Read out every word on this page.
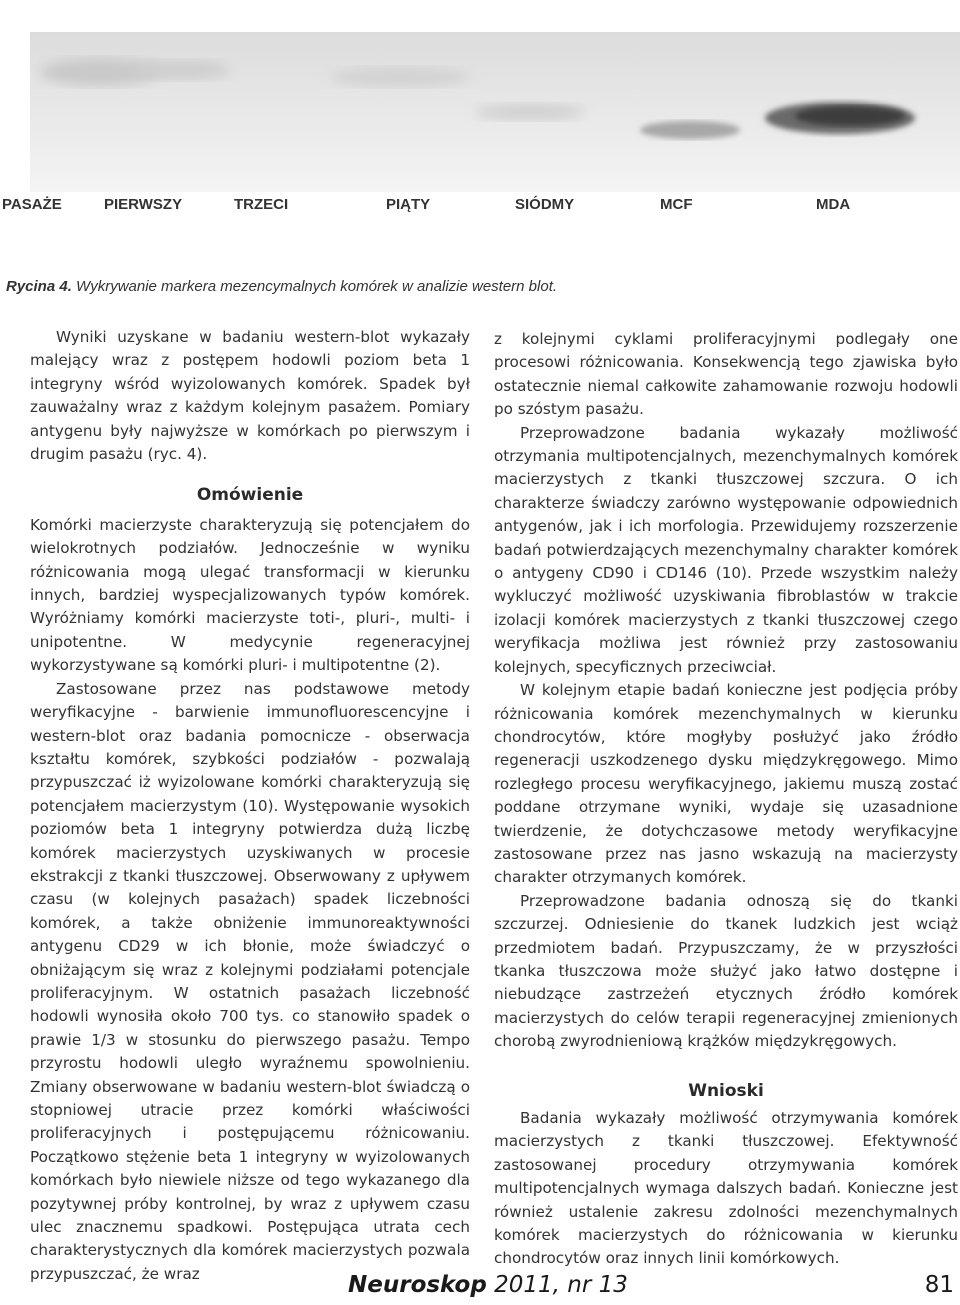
PASAŻE	PIERWSZY	TRZECI	PIĄTY	SIÓDMY	MCF	MDA
Rycina 4. Wykrywanie markera mezencymalnych komórek w analizie western blot.

Wyniki uzyskane w badaniu western-blot wykazały malejący wraz z postępem hodowli poziom beta 1 integryny wśród wyizolowanych komórek. Spadek był zauważalny wraz z każdym kolejnym pasażem. Pomiary antygenu były najwyższe w komórkach po pierwszym i drugim pasażu (ryc. 4).

Omówienie

Komórki macierzyste charakteryzują się potencjałem do wielokrotnych podziałów. Jednocześnie w wyniku różnicowania mogą ulegać transformacji w kierunku innych, bardziej wyspecjalizowanych typów komórek. Wyróżniamy komórki macierzyste toti-, pluri-, multi- i unipotentne. W medycynie regeneracyjnej wykorzystywane są komórki pluri- i multipotentne (2).

Zastosowane przez nas podstawowe metody weryfikacyjne - barwienie immunofluorescencyjne i western-blot oraz badania pomocnicze - obserwacja kształtu komórek, szybkości podziałów - pozwalają przypuszczać iż wyizolowane komórki charakteryzują się potencjałem macierzystym (10). Występowanie wysokich poziomów beta 1 integryny potwierdza dużą liczbę komórek macierzystych uzyskiwanych w procesie ekstrakcji z tkanki tłuszczowej. Obserwowany z upływem czasu (w kolejnych pasażach) spadek liczebności komórek, a także obniżenie immunoreaktywności antygenu CD29 w ich błonie, może świadczyć o obniżającym się wraz z kolejnymi podziałami potencjale proliferacyjnym. W ostatnich pasażach liczebność hodowli wynosiła około 700 tys. co stanowiło spadek o prawie 1/3 w stosunku do pierwszego pasażu. Tempo przyrostu hodowli uległo wyraźnemu spowolnieniu. Zmiany obserwowane w badaniu western-blot świadczą o stopniowej utracie przez komórki właściwości proliferacyjnych i postępującemu różnicowaniu. Początkowo stężenie beta 1 integryny w wyizolowanych komórkach było niewiele niższe od tego wykazanego dla pozytywnej próby kontrolnej, by wraz z upływem czasu ulec znacznemu spadkowi. Postępująca utrata cech charakterystycznych dla komórek macierzystych pozwala przypuszczać, że wraz

z kolejnymi cyklami proliferacyjnymi podlegały one procesowi różnicowania. Konsekwencją tego zjawiska było ostatecznie niemal całkowite zahamowanie rozwoju hodowli po szóstym pasażu.

Przeprowadzone badania wykazały możliwość otrzymania multipotencjalnych, mezenchymalnych komórek macierzystych z tkanki tłuszczowej szczura. O ich charakterze świadczy zarówno występowanie odpowiednich antygenów, jak i ich morfologia. Przewidujemy rozszerzenie badań potwierdzających mezenchymalny charakter komórek o antygeny CD90 i CD146 (10). Przede wszystkim należy wykluczyć możliwość uzyskiwania fibroblastów w trakcie izolacji komórek macierzystych z tkanki tłuszczowej czego weryfikacja możliwa jest również przy zastosowaniu kolejnych, specyficznych przeciwciał.

W kolejnym etapie badań konieczne jest podjęcia próby różnicowania komórek mezenchymalnych w kierunku chondrocytów, które mogłyby posłużyć jako źródło regeneracji uszkodzenego dysku międzykręgowego. Mimo rozległego procesu weryfikacyjnego, jakiemu muszą zostać poddane otrzymane wyniki, wydaje się uzasadnione twierdzenie, że dotychczasowe metody weryfikacyjne zastosowane przez nas jasno wskazują na macierzysty charakter otrzymanych komórek.

Przeprowadzone badania odnoszą się do tkanki szczurzej. Odniesienie do tkanek ludzkich jest wciąż przedmiotem badań. Przypuszczamy, że w przyszłości tkanka tłuszczowa może służyć jako łatwo dostępne i niebudzące zastrzeżeń etycznych źródło komórek macierzystych do celów terapii regeneracyjnej zmienionych chorobą zwyrodnieniową krążków międzykręgowych.

Wnioski

Badania wykazały możliwość otrzymywania komórek macierzystych z tkanki tłuszczowej. Efektywność zastosowanej procedury otrzymywania komórek multipotencjalnych wymaga dalszych badań. Konieczne jest również ustalenie zakresu zdolności mezenchymalnych komórek macierzystych do różnicowania w kierunku chondrocytów oraz innych linii komórkowych.

Neuroskop 2011, nr 13	81
